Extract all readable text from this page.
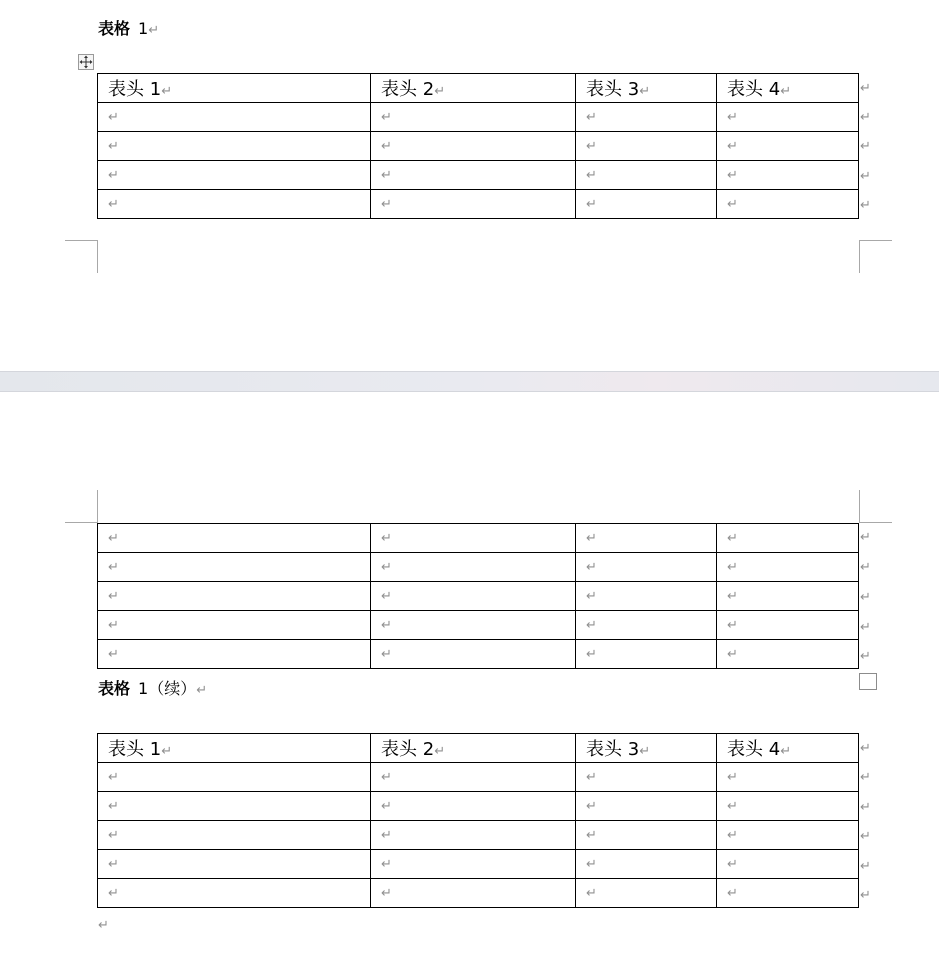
表格 1↵
表头 1↵	表头 2↵	表头 3↵	表头 4↵
↵	↵	↵	↵
↵	↵	↵	↵
↵	↵	↵	↵
↵	↵	↵	↵
↵
↵
↵
↵
↵
↵	↵	↵	↵
↵	↵	↵	↵
↵	↵	↵	↵
↵	↵	↵	↵
↵	↵	↵	↵
↵
↵
↵
↵
↵
表格 1（续）↵
表头 1↵	表头 2↵	表头 3↵	表头 4↵
↵	↵	↵	↵
↵	↵	↵	↵
↵	↵	↵	↵
↵	↵	↵	↵
↵	↵	↵	↵
↵
↵
↵
↵
↵
↵
↵
